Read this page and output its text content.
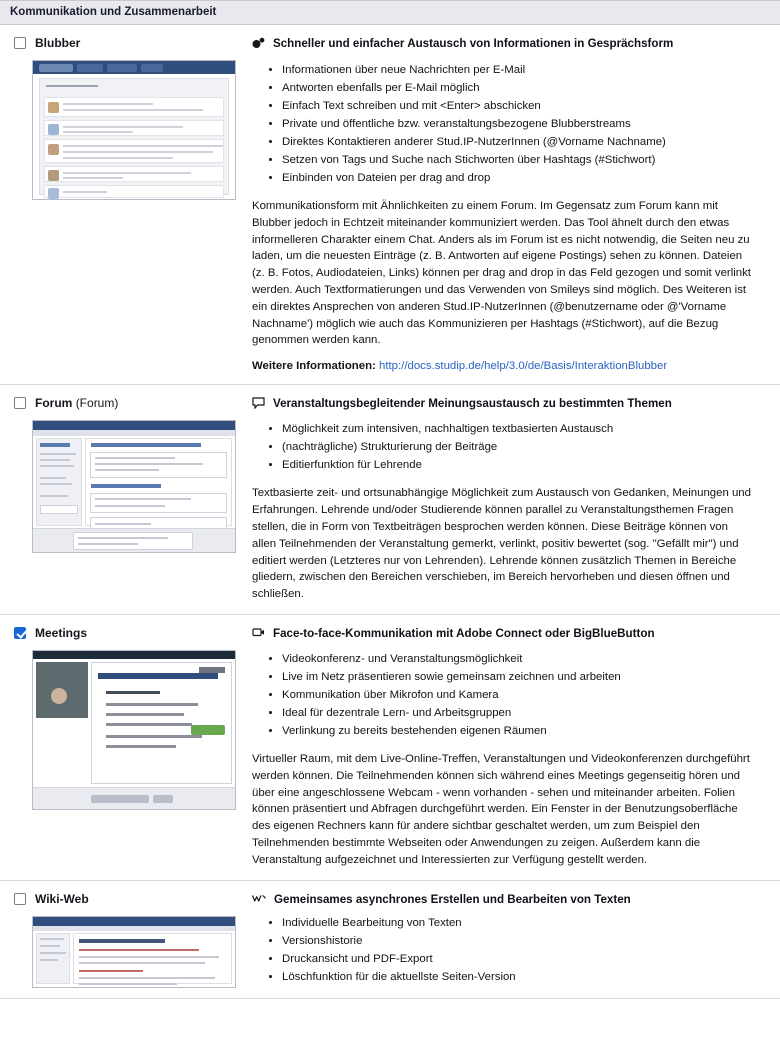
Kommunikation und Zusammenarbeit
Blubber	Schneller und einfacher Austausch von Informationen in Gesprächsform
• Informationen über neue Nachrichten per E-Mail
• Antworten ebenfalls per E-Mail möglich
• Einfach Text schreiben und mit <Enter> abschicken
• Private und öffentliche bzw. veranstaltungsbezogene Blubberstreams
• Direktes Kontaktieren anderer Stud.IP-NutzerInnen (@Vorname Nachname)
• Setzen von Tags und Suche nach Stichworten über Hashtags (#Stichwort)
• Einbinden von Dateien per drag and drop

Kommunikationsform mit Ähnlichkeiten zu einem Forum. Im Gegensatz zum Forum kann mit Blubber jedoch in Echtzeit miteinander kommuniziert werden. Das Tool ähnelt durch den etwas informelleren Charakter einem Chat. Anders als im Forum ist es nicht notwendig, die Seiten neu zu laden, um die neuesten Einträge (z. B. Antworten auf eigene Postings) sehen zu können. Dateien (z. B. Fotos, Audiodateien, Links) können per drag and drop in das Feld gezogen und somit verlinkt werden. Auch Textformatierungen und das Verwenden von Smileys sind möglich. Des Weiteren ist ein direktes Ansprechen von anderen Stud.IP-NutzerInnen (@benutzername oder @'Vorname Nachname') möglich wie auch das Kommunizieren per Hashtags (#Stichwort), auf die Bezug genommen werden kann.

Weitere Informationen: http://docs.studip.de/help/3.0/de/Basis/InteraktionBlubber
Forum (Forum)	Veranstaltungsbegleitender Meinungsaustausch zu bestimmten Themen
• Möglichkeit zum intensiven, nachhaltigen textbasierten Austausch
• (nachträgliche) Strukturierung der Beiträge
• Editierfunktion für Lehrende

Textbasierte zeit- und ortsunabhängige Möglichkeit zum Austausch von Gedanken, Meinungen und Erfahrungen. Lehrende und/oder Studierende können parallel zu Veranstaltungsthemen Fragen stellen, die in Form von Textbeiträgen besprochen werden können. Diese Beiträge können von allen Teilnehmenden der Veranstaltung gemerkt, verlinkt, positiv bewertet (sog. "Gefällt mir") und editiert werden (Letzteres nur von Lehrenden). Lehrende können zusätzlich Themen in Bereiche gliedern, zwischen den Bereichen verschieben, im Bereich hervorheben und diesen öffnen und schließen.

Meetings	Face-to-face-Kommunikation mit Adobe Connect oder BigBlueButton
• Videokonferenz- und Veranstaltungsmöglichkeit
• Live im Netz präsentieren sowie gemeinsam zeichnen und arbeiten
• Kommunikation über Mikrofon und Kamera
• Ideal für dezentrale Lern- und Arbeitsgruppen
• Verlinkung zu bereits bestehenden eigenen Räumen

Virtueller Raum, mit dem Live-Online-Treffen, Veranstaltungen und Videokonferenzen durchgeführt werden können. Die Teilnehmenden können sich während eines Meetings gegenseitig hören und über eine angeschlossene Webcam - wenn vorhanden - sehen und miteinander arbeiten. Folien können präsentiert und Abfragen durchgeführt werden. Ein Fenster in der Benutzungsoberfläche des eigenen Rechners kann für andere sichtbar geschaltet werden, um zum Beispiel den Teilnehmenden bestimmte Webseiten oder Anwendungen zu zeigen. Außerdem kann die Veranstaltung aufgezeichnet und Interessierten zur Verfügung gestellt werden.

Wiki-Web	Gemeinsames asynchrones Erstellen und Bearbeiten von Texten
• Individuelle Bearbeitung von Texten
• Versionshistorie
• Druckansicht und PDF-Export
• Löschfunktion für die aktuellste Seiten-Version
